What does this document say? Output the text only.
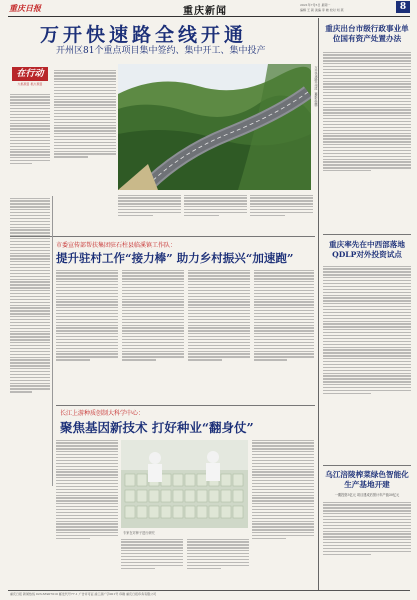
重庆日报	重庆新闻
2021年7月5日 星期一
编辑 王 颖 美编 李 晓 校对 刘 燕	8
万开快速路全线开通
开州区81个重点项目集中签约、集中开工、集中投产
在行动
大抓项目 抓大项目	万开快速路开州段（摄影/韩鹏）
市委宣传部帮扶集团驻石柱县临溪镇工作队：
提升驻村工作“接力棒” 助力乡村振兴“加速跑”
长江上游种质创制大科学中心：
聚焦基因新技术 打好种业“翻身仗”
专家在对种子进行研究
重庆出台市级行政事业单位国有资产处置办法
重庆率先在中西部落地QDLP对外投资试点
乌江涪陵榨菜绿色智能化生产基地开建
一期投资3亿元 项目建成后预计年产值30亿元
重庆日报 新闻热线 023-63907010 邮发代号77-1 广告许可证 渝工商广字001号 印刷 重庆日报印务有限公司
